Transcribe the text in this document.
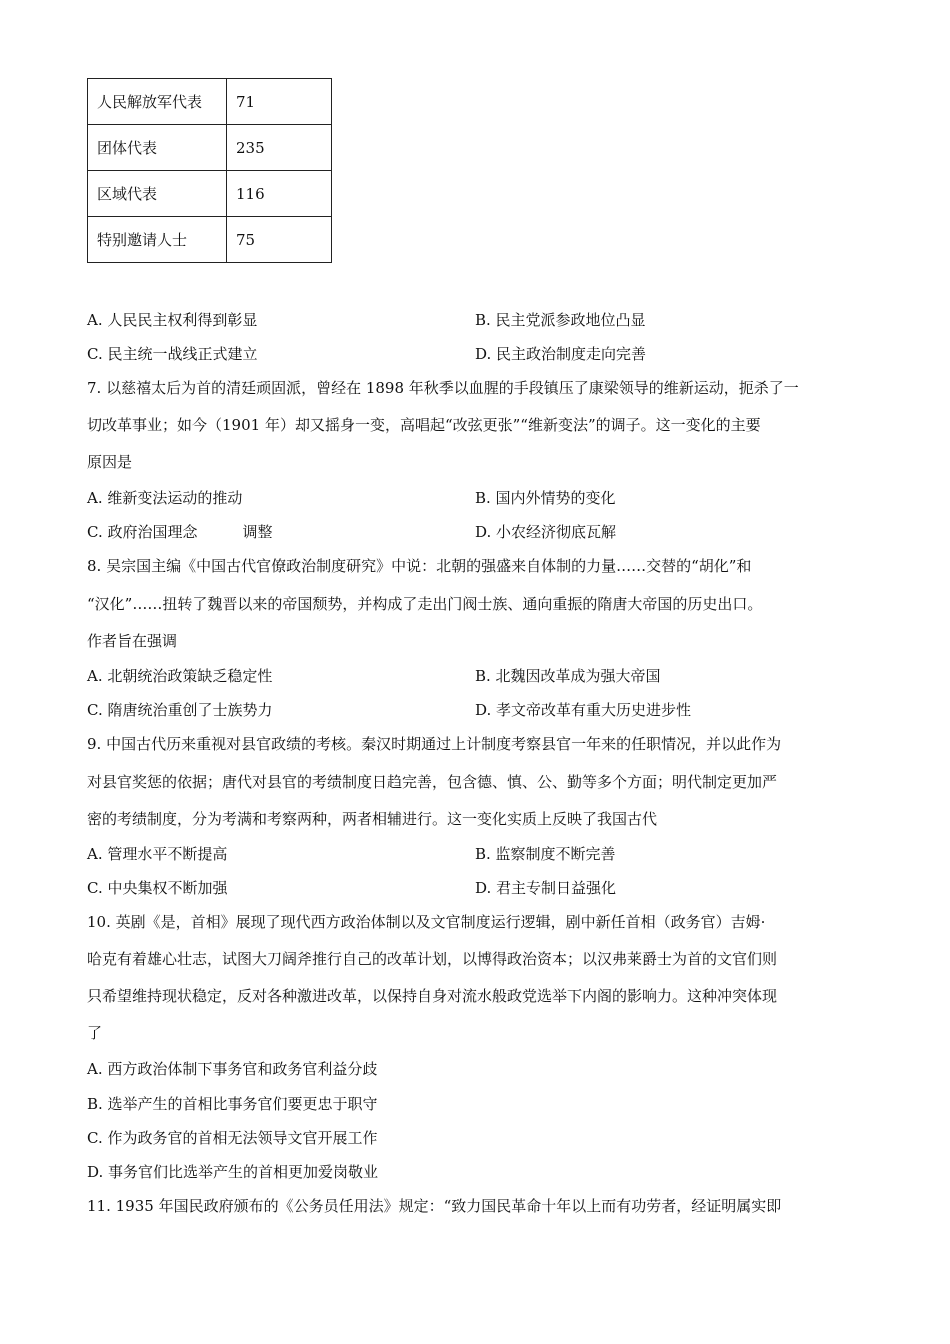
人民解放军代表	71
团体代表	235
区域代表	116
特别邀请人士	75
A. 人民民主权利得到彰显	B. 民主党派参政地位凸显
C. 民主统一战线正式建立	D. 民主政治制度走向完善
7. 以慈禧太后为首的清廷顽固派，曾经在 1898 年秋季以血腥的手段镇压了康梁领导的维新运动，扼杀了一
切改革事业；如今（1901 年）却又摇身一变，高唱起“改弦更张”“维新变法”的调子。这一变化的主要
原因是
A. 维新变法运动的推动	B. 国内外情势的变化
C. 政府治国理念　　　调整	D. 小农经济彻底瓦解
8. 吴宗国主编《中国古代官僚政治制度研究》中说：北朝的强盛来自体制的力量……交替的“胡化”和
“汉化”……扭转了魏晋以来的帝国颓势，并构成了走出门阀士族、通向重振的隋唐大帝国的历史出口。
作者旨在强调
A. 北朝统治政策缺乏稳定性	B. 北魏因改革成为强大帝国
C. 隋唐统治重创了士族势力	D. 孝文帝改革有重大历史进步性
9. 中国古代历来重视对县官政绩的考核。秦汉时期通过上计制度考察县官一年来的任职情况，并以此作为
对县官奖惩的依据；唐代对县官的考绩制度日趋完善，包含德、慎、公、勤等多个方面；明代制定更加严
密的考绩制度，分为考满和考察两种，两者相辅进行。这一变化实质上反映了我国古代
A. 管理水平不断提高	B. 监察制度不断完善
C. 中央集权不断加强	D. 君主专制日益强化
10. 英剧《是，首相》展现了现代西方政治体制以及文官制度运行逻辑，剧中新任首相（政务官）吉姆·
哈克有着雄心壮志，试图大刀阔斧推行自己的改革计划，以博得政治资本；以汉弗莱爵士为首的文官们则
只希望维持现状稳定，反对各种激进改革，以保持自身对流水般政党选举下内阁的影响力。这种冲突体现
了
A. 西方政治体制下事务官和政务官利益分歧
B. 选举产生的首相比事务官们要更忠于职守
C. 作为政务官的首相无法领导文官开展工作
D. 事务官们比选举产生的首相更加爱岗敬业
11. 1935 年国民政府颁布的《公务员任用法》规定：“致力国民革命十年以上而有功劳者，经证明属实即
